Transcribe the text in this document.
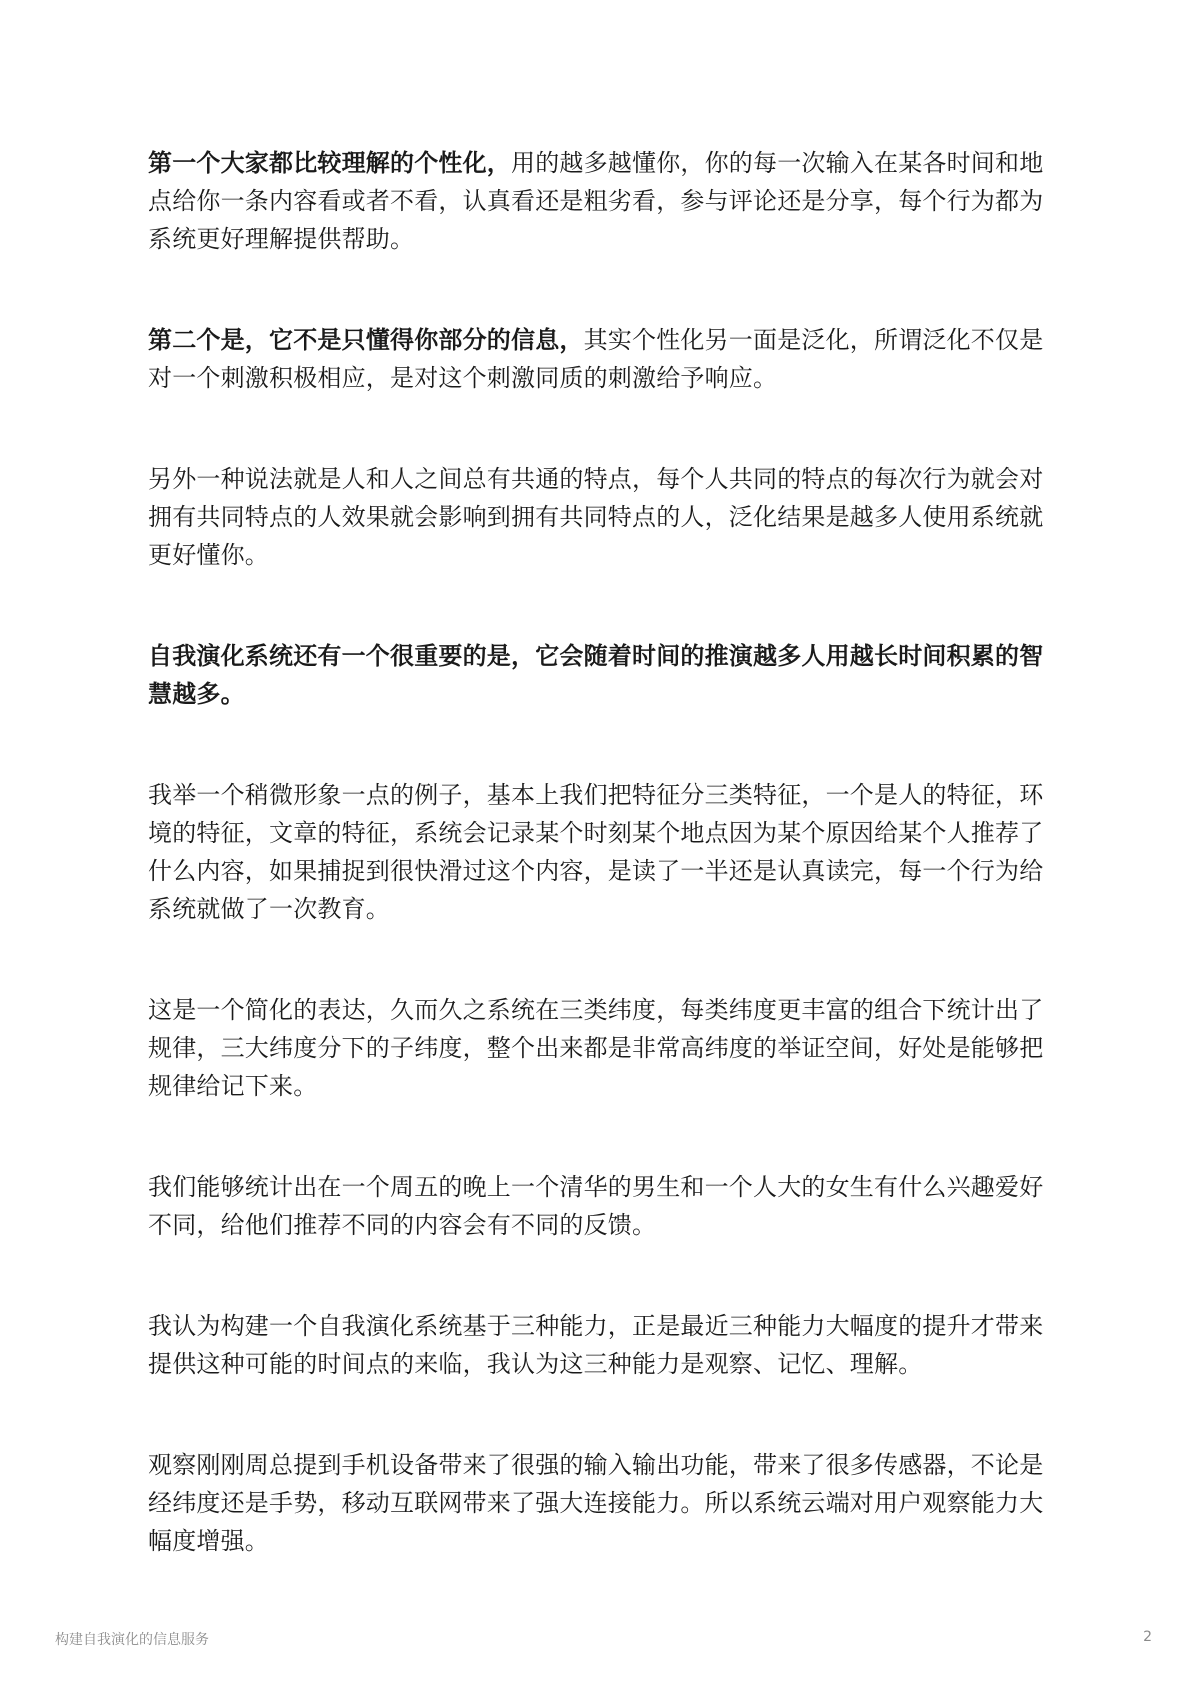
第一个大家都比较理解的个性化，用的越多越懂你，你的每一次输入在某各时间和地点给你一条内容看或者不看，认真看还是粗劣看，参与评论还是分享，每个行为都为系统更好理解提供帮助。

第二个是，它不是只懂得你部分的信息，其实个性化另一面是泛化，所谓泛化不仅是对一个刺激积极相应，是对这个刺激同质的刺激给予响应。

另外一种说法就是人和人之间总有共通的特点，每个人共同的特点的每次行为就会对拥有共同特点的人效果就会影响到拥有共同特点的人，泛化结果是越多人使用系统就更好懂你。

自我演化系统还有一个很重要的是，它会随着时间的推演越多人用越长时间积累的智慧越多。

我举一个稍微形象一点的例子，基本上我们把特征分三类特征，一个是人的特征，环境的特征，文章的特征，系统会记录某个时刻某个地点因为某个原因给某个人推荐了什么内容，如果捕捉到很快滑过这个内容，是读了一半还是认真读完，每一个行为给系统就做了一次教育。

这是一个简化的表达，久而久之系统在三类纬度，每类纬度更丰富的组合下统计出了规律，三大纬度分下的子纬度，整个出来都是非常高纬度的举证空间，好处是能够把规律给记下来。

我们能够统计出在一个周五的晚上一个清华的男生和一个人大的女生有什么兴趣爱好不同，给他们推荐不同的内容会有不同的反馈。

我认为构建一个自我演化系统基于三种能力，正是最近三种能力大幅度的提升才带来提供这种可能的时间点的来临，我认为这三种能力是观察、记忆、理解。

观察刚刚周总提到手机设备带来了很强的输入输出功能，带来了很多传感器，不论是经纬度还是手势，移动互联网带来了强大连接能力。所以系统云端对用户观察能力大幅度增强。

构建自我演化的信息服务	2
